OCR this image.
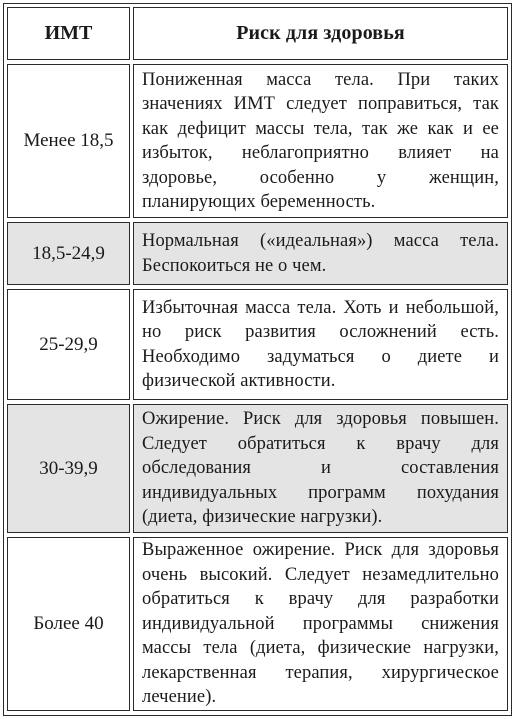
ИМТ	Риск для здоровья
Менее 18,5
Пониженная масса тела. При таких значениях ИМТ следует поправиться, так как дефицит массы тела, так же как и ее избыток, неблагоприятно влияет на здоровье, особенно у женщин, планирующих беременность.
18,5-24,9
Нормальная («идеальная») масса тела. Беспокоиться не о чем.
25-29,9
Избыточная масса тела. Хоть и небольшой, но риск развития осложнений есть. Необходимо задуматься о диете и физической активности.
30-39,9
Ожирение. Риск для здоровья повышен. Следует обратиться к врачу для обследования и составления индивидуальных программ похудания (диета, физические нагрузки).
Более 40
Выраженное ожирение. Риск для здоровья очень высокий. Следует незамедлительно обратиться к врачу для разработки индивидуальной программы снижения массы тела (диета, физические нагрузки, лекарственная терапия, хирургическое лечение).
